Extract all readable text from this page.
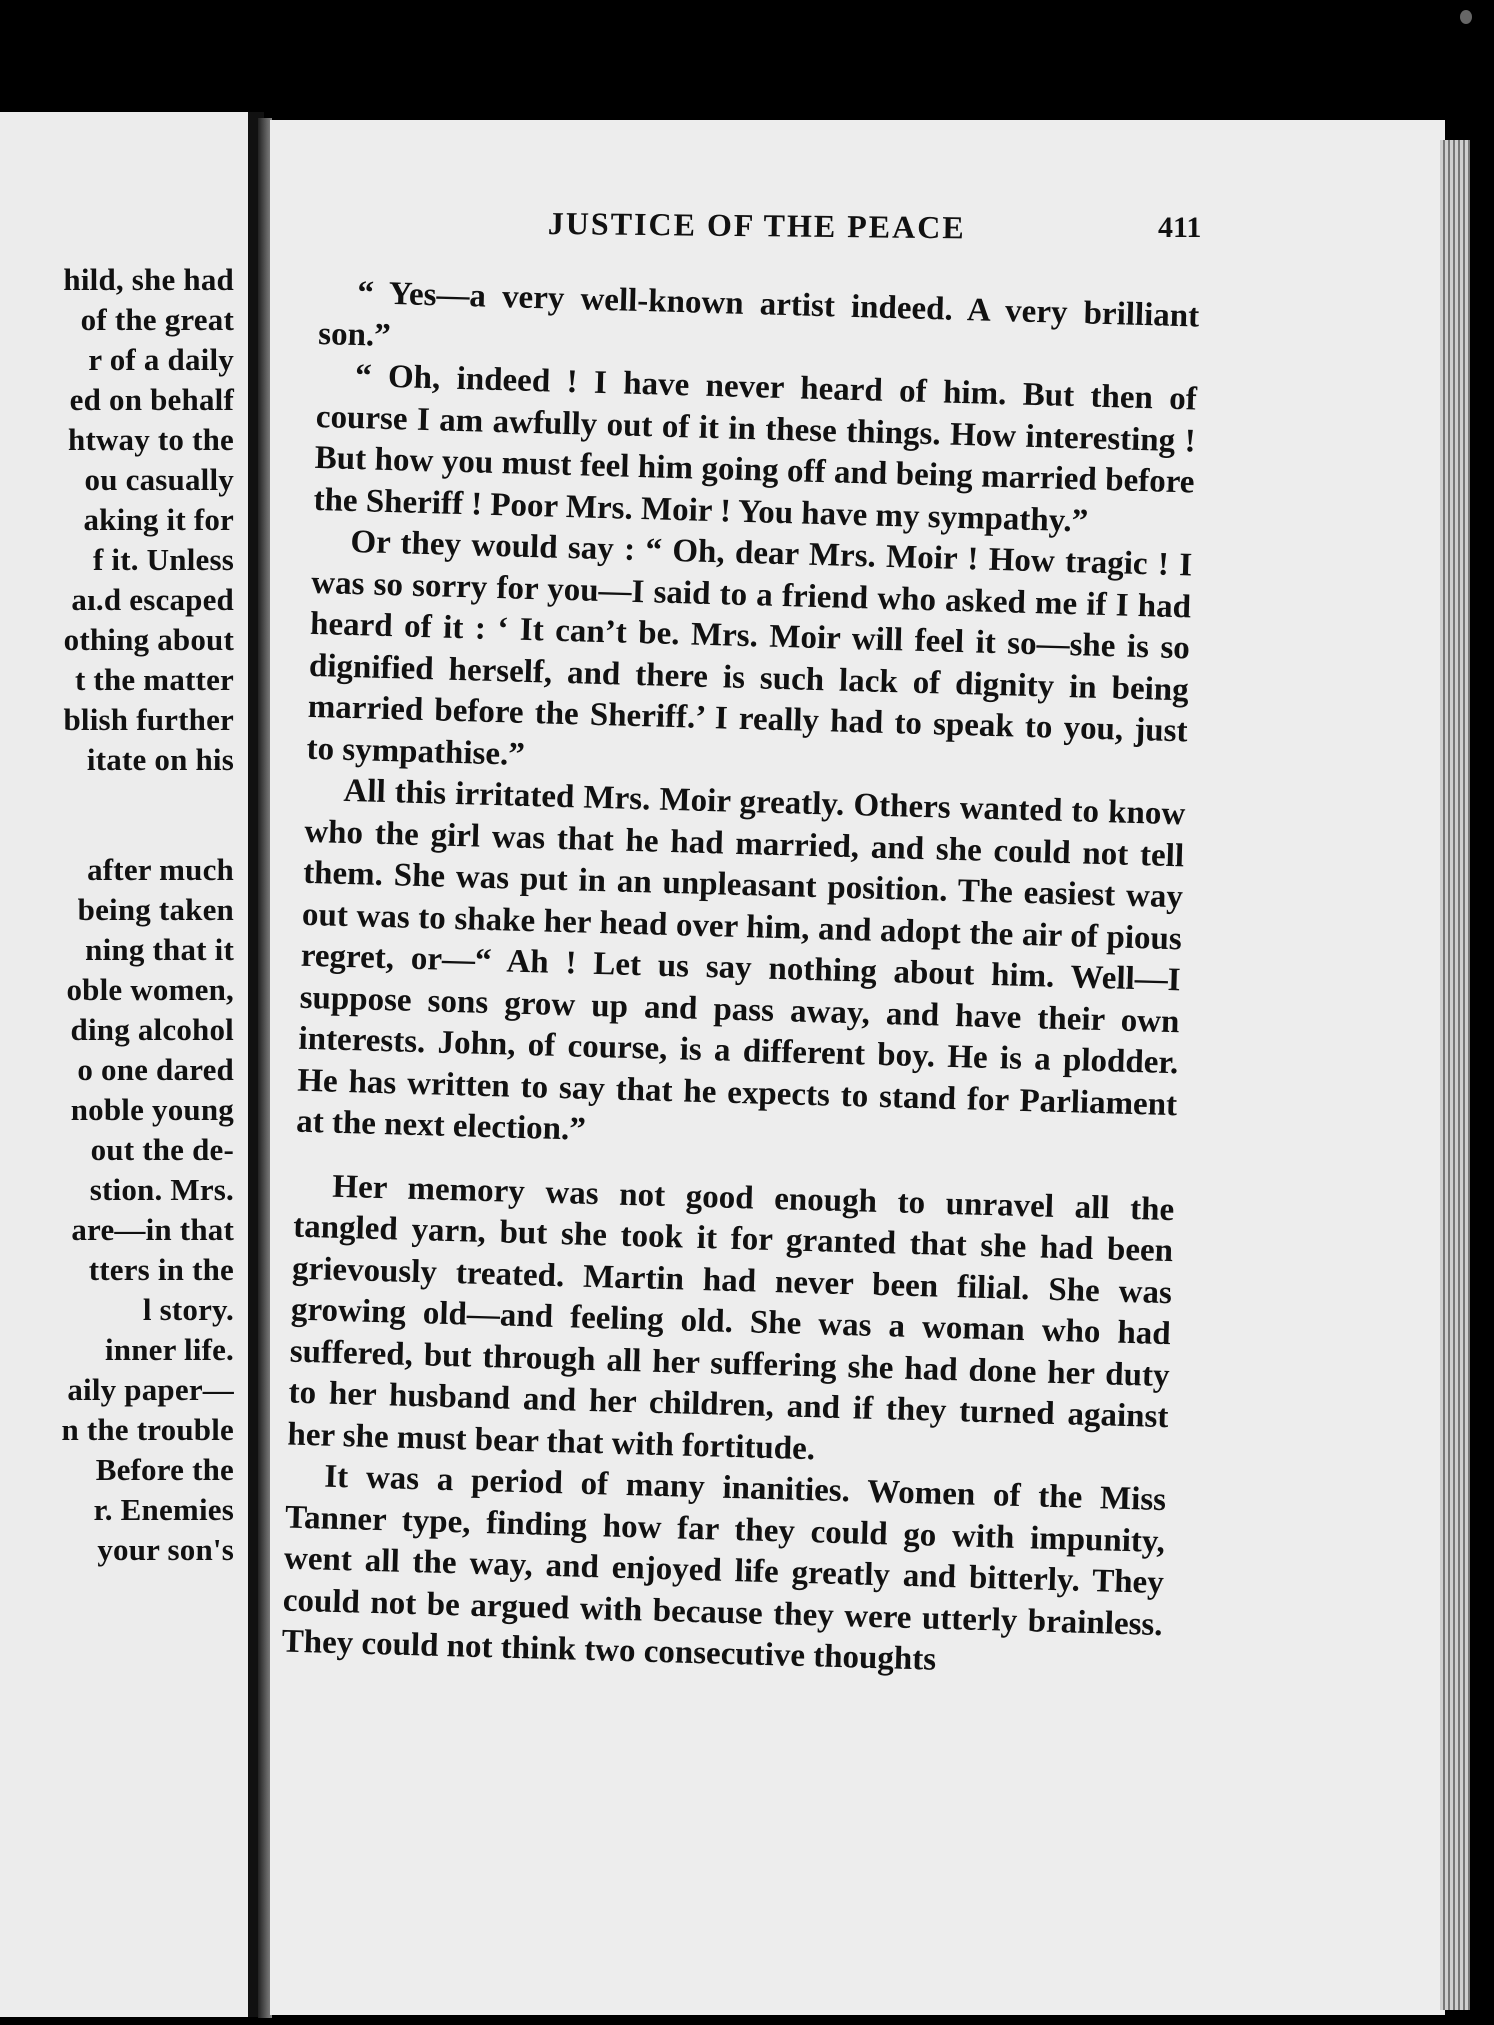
hild, she had
of the great
r of a daily
ed on behalf
htway to the
ou casually
aking it for
f it. Unless
aı.d escaped
othing about
t the matter
blish further
itate on his
after much
being taken
ning that it
oble women,
ding alcohol
o one dared
noble young
out the de-
stion. Mrs.
are—in that
tters in the
l story.
inner life.
aily paper—
n the trouble
Before the
r. Enemies
your son's
JUSTICE OF THE PEACE	411

“ Yes—a very well-known artist indeed. A very brilliant son.”

“ Oh, indeed ! I have never heard of him. But then of course I am awfully out of it in these things. How interesting ! But how you must feel him going off and being married before the Sheriff ! Poor Mrs. Moir ! You have my sympathy.”

Or they would say : “ Oh, dear Mrs. Moir ! How tragic ! I was so sorry for you—I said to a friend who asked me if I had heard of it : ‘ It can’t be. Mrs. Moir will feel it so—she is so dignified herself, and there is such lack of dignity in being married before the Sheriff.’ I really had to speak to you, just to sympathise.”

All this irritated Mrs. Moir greatly. Others wanted to know who the girl was that he had married, and she could not tell them. She was put in an unpleasant position. The easiest way out was to shake her head over him, and adopt the air of pious regret, or—“ Ah ! Let us say nothing about him. Well—I suppose sons grow up and pass away, and have their own interests. John, of course, is a different boy. He is a plodder. He has written to say that he expects to stand for Parliament at the next election.”

Her memory was not good enough to unravel all the tangled yarn, but she took it for granted that she had been grievously treated. Martin had never been filial. She was growing old—and feeling old. She was a woman who had suffered, but through all her suffering she had done her duty to her husband and her children, and if they turned against her she must bear that with fortitude.

It was a period of many inanities. Women of the Miss Tanner type, finding how far they could go with impunity, went all the way, and enjoyed life greatly and bitterly. They could not be argued with because they were utterly brainless. They could not think two consecutive thoughts
